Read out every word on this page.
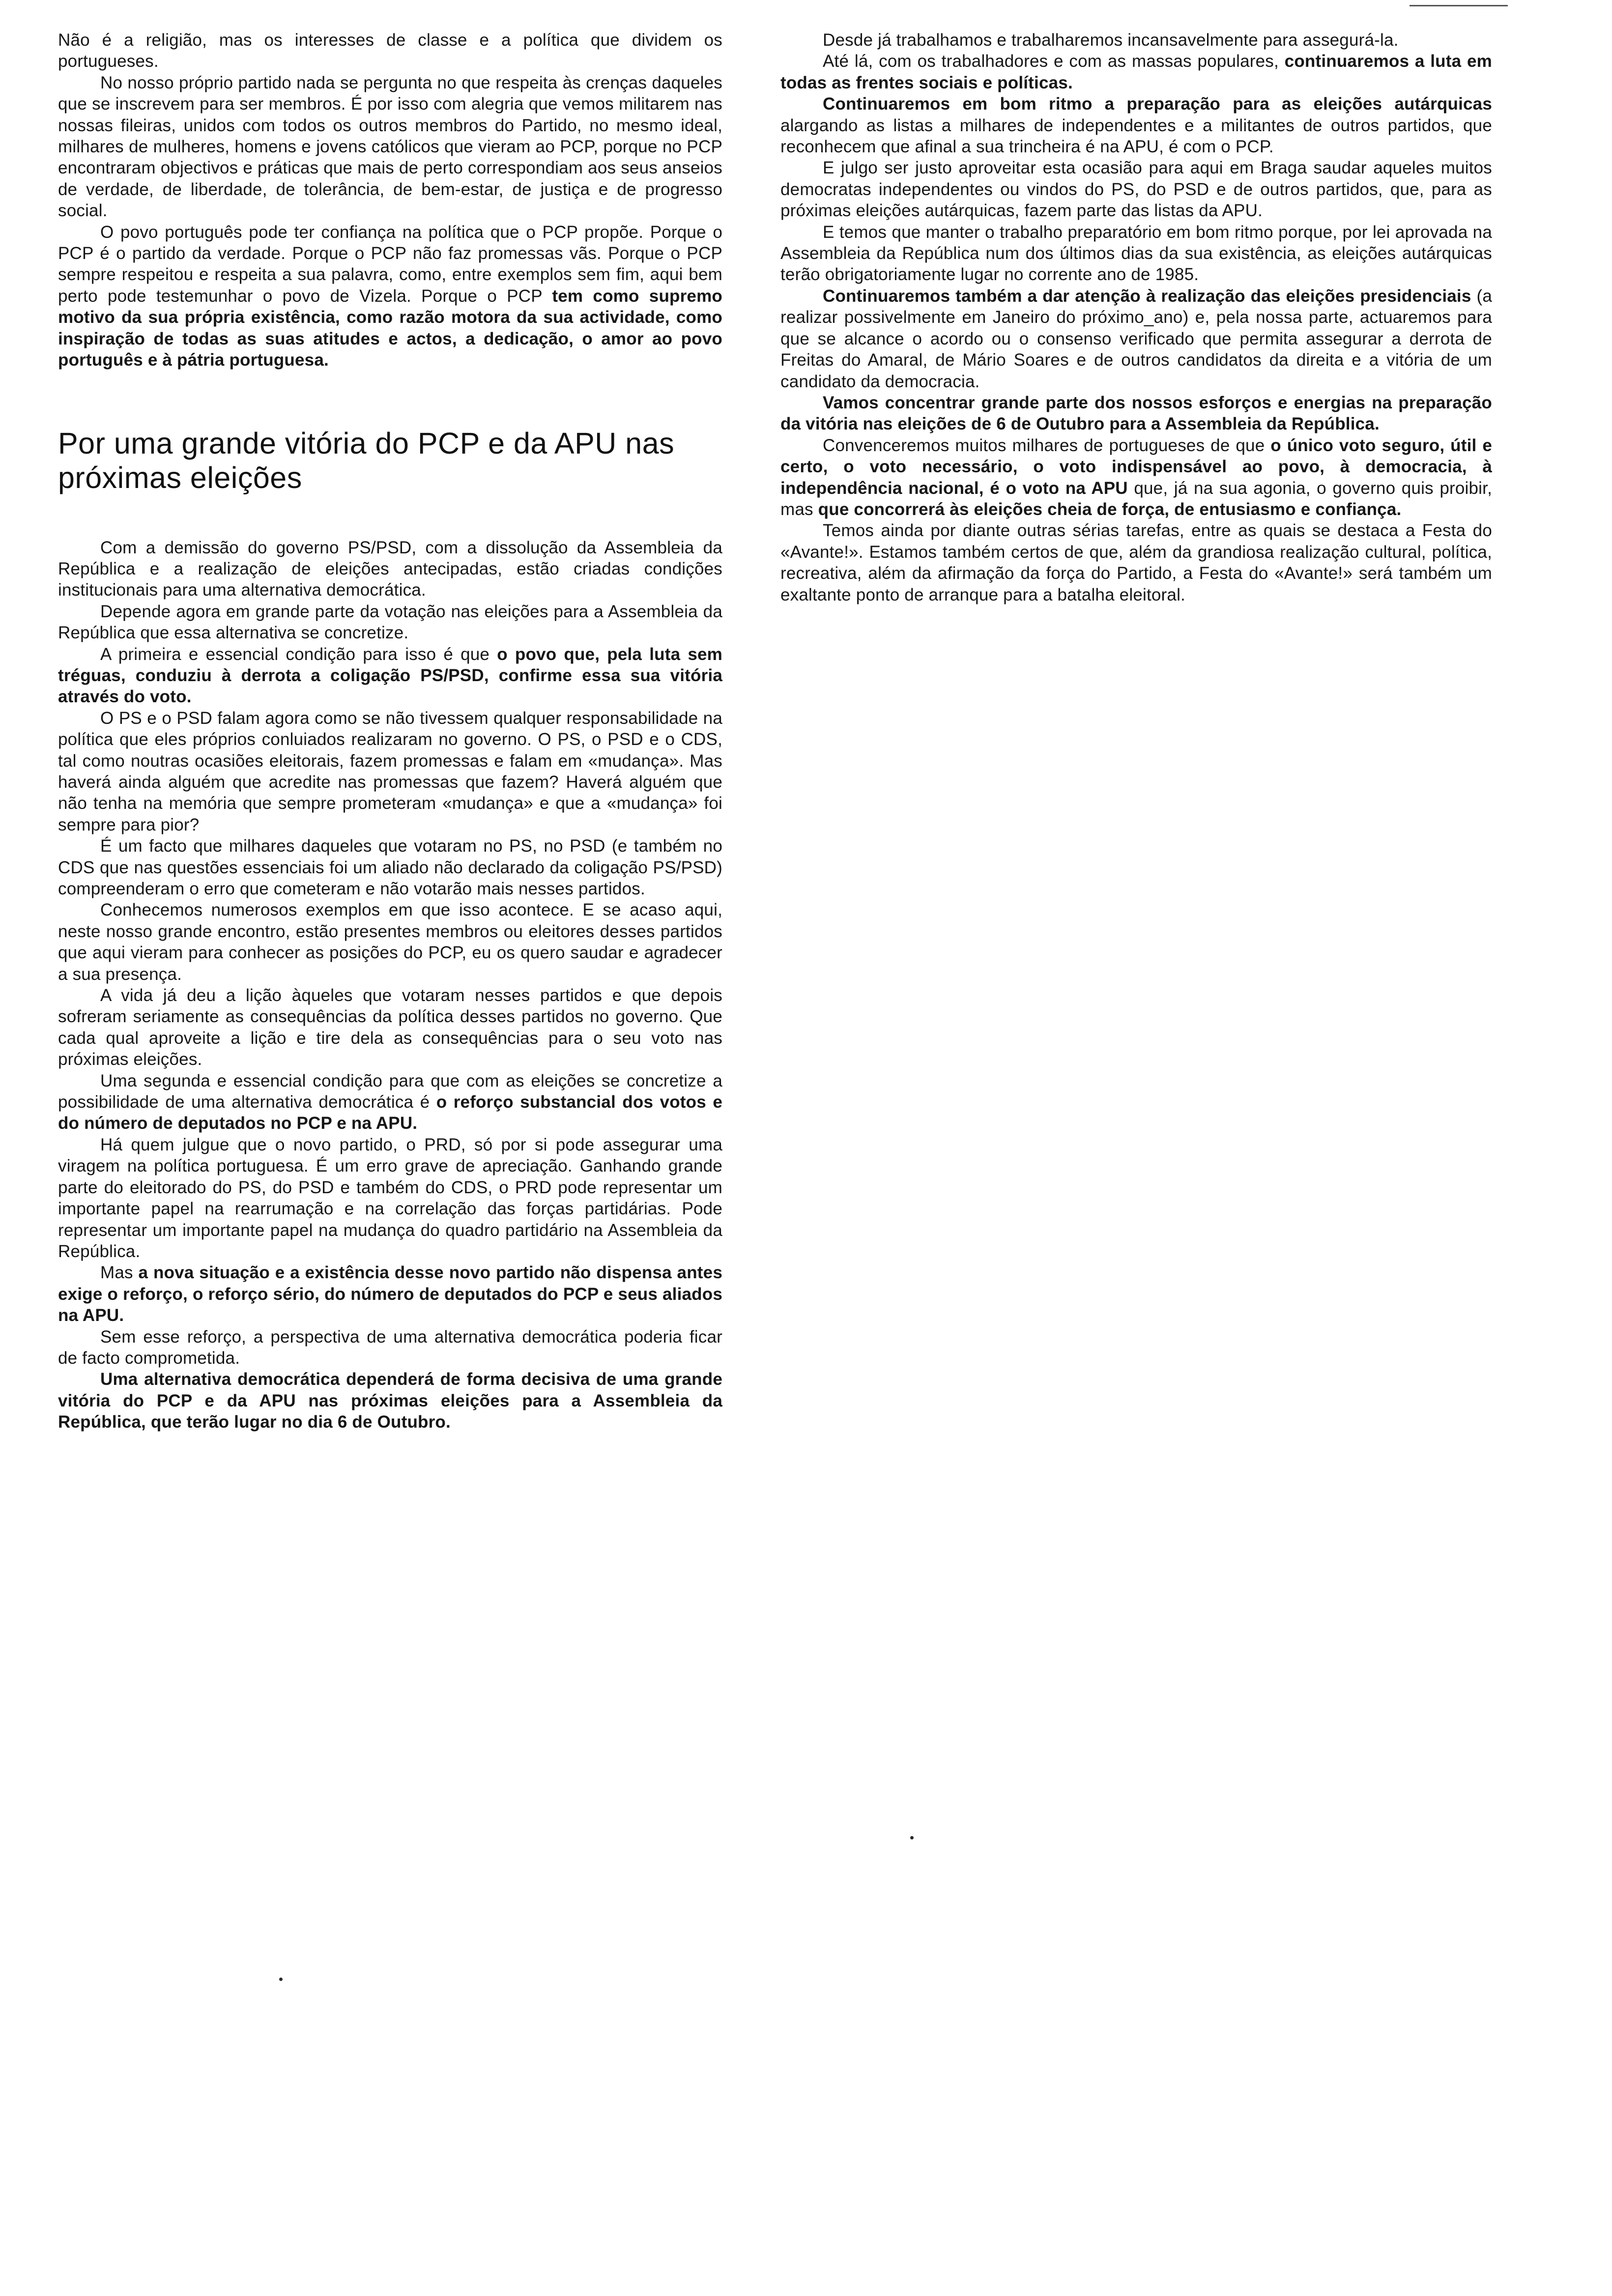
Não é a religião, mas os interesses de classe e a política que dividem os portugueses.

No nosso próprio partido nada se pergunta no que respeita às crenças daqueles que se inscrevem para ser membros. É por isso com alegria que vemos militarem nas nossas fileiras, unidos com todos os outros membros do Partido, no mesmo ideal, milhares de mulheres, homens e jovens católicos que vieram ao PCP, porque no PCP encontraram objectivos e práticas que mais de perto correspondiam aos seus anseios de verdade, de liberdade, de tolerância, de bem-estar, de justiça e de progresso social.

O povo português pode ter confiança na política que o PCP propõe. Porque o PCP é o partido da verdade. Porque o PCP não faz promessas vãs. Porque o PCP sempre respeitou e respeita a sua palavra, como, entre exemplos sem fim, aqui bem perto pode testemunhar o povo de Vizela. Porque o PCP tem como supremo motivo da sua própria existência, como razão motora da sua actividade, como inspiração de todas as suas atitudes e actos, a dedicação, o amor ao povo português e à pátria portuguesa.

Por uma grande vitória do PCP e da APU nas próximas eleições

Com a demissão do governo PS/PSD, com a dissolução da Assembleia da República e a realização de eleições antecipadas, estão criadas condições institucionais para uma alternativa democrática.

Depende agora em grande parte da votação nas eleições para a Assembleia da República que essa alternativa se concretize.

A primeira e essencial condição para isso é que o povo que, pela luta sem tréguas, conduziu à derrota a coligação PS/PSD, confirme essa sua vitória através do voto.

O PS e o PSD falam agora como se não tivessem qualquer responsabilidade na política que eles próprios conluiados realizaram no governo. O PS, o PSD e o CDS, tal como noutras ocasiões eleitorais, fazem promessas e falam em «mudança». Mas haverá ainda alguém que acredite nas promessas que fazem? Haverá alguém que não tenha na memória que sempre prometeram «mudança» e que a «mudança» foi sempre para pior?

É um facto que milhares daqueles que votaram no PS, no PSD (e também no CDS que nas questões essenciais foi um aliado não declarado da coligação PS/PSD) compreenderam o erro que cometeram e não votarão mais nesses partidos.

Conhecemos numerosos exemplos em que isso acontece. E se acaso aqui, neste nosso grande encontro, estão presentes membros ou eleitores desses partidos que aqui vieram para conhecer as posições do PCP, eu os quero saudar e agradecer a sua presença.

A vida já deu a lição àqueles que votaram nesses partidos e que depois sofreram seriamente as consequências da política desses partidos no governo. Que cada qual aproveite a lição e tire dela as consequências para o seu voto nas próximas eleições.

Uma segunda e essencial condição para que com as eleições se concretize a possibilidade de uma alternativa democrática é o reforço substancial dos votos e do número de deputados no PCP e na APU.

Há quem julgue que o novo partido, o PRD, só por si pode assegurar uma viragem na política portuguesa. É um erro grave de apreciação. Ganhando grande parte do eleitorado do PS, do PSD e também do CDS, o PRD pode representar um importante papel na rearrumação e na correlação das forças partidárias. Pode representar um importante papel na mudança do quadro partidário na Assembleia da República.

Mas a nova situação e a existência desse novo partido não dispensa antes exige o reforço, o reforço sério, do número de deputados do PCP e seus aliados na APU.

Sem esse reforço, a perspectiva de uma alternativa democrática poderia ficar de facto comprometida.

Uma alternativa democrática dependerá de forma decisiva de uma grande vitória do PCP e da APU nas próximas eleições para a Assembleia da República, que terão lugar no dia 6 de Outubro.

Desde já trabalhamos e trabalharemos incansavelmente para assegurá-la.

Até lá, com os trabalhadores e com as massas populares, continuaremos a luta em todas as frentes sociais e políticas.

Continuaremos em bom ritmo a preparação para as eleições autárquicas alargando as listas a milhares de independentes e a militantes de outros partidos, que reconhecem que afinal a sua trincheira é na APU, é com o PCP.

E julgo ser justo aproveitar esta ocasião para aqui em Braga saudar aqueles muitos democratas independentes ou vindos do PS, do PSD e de outros partidos, que, para as próximas eleições autárquicas, fazem parte das listas da APU.

E temos que manter o trabalho preparatório em bom ritmo porque, por lei aprovada na Assembleia da República num dos últimos dias da sua existência, as eleições autárquicas terão obrigatoriamente lugar no corrente ano de 1985.

Continuaremos também a dar atenção à realização das eleições presidenciais (a realizar possivelmente em Janeiro do próximo_ano) e, pela nossa parte, actuaremos para que se alcance o acordo ou o consenso verificado que permita assegurar a derrota de Freitas do Amaral, de Mário Soares e de outros candidatos da direita e a vitória de um candidato da democracia.

Vamos concentrar grande parte dos nossos esforços e energias na preparação da vitória nas eleições de 6 de Outubro para a Assembleia da República.

Convenceremos muitos milhares de portugueses de que o único voto seguro, útil e certo, o voto necessário, o voto indispensável ao povo, à democracia, à independência nacional, é o voto na APU que, já na sua agonia, o governo quis proibir, mas que concorrerá às eleições cheia de força, de entusiasmo e confiança.

Temos ainda por diante outras sérias tarefas, entre as quais se destaca a Festa do «Avante!». Estamos também certos de que, além da grandiosa realização cultural, política, recreativa, além da afirmação da força do Partido, a Festa do «Avante!» será também um exaltante ponto de arranque para a batalha eleitoral.
